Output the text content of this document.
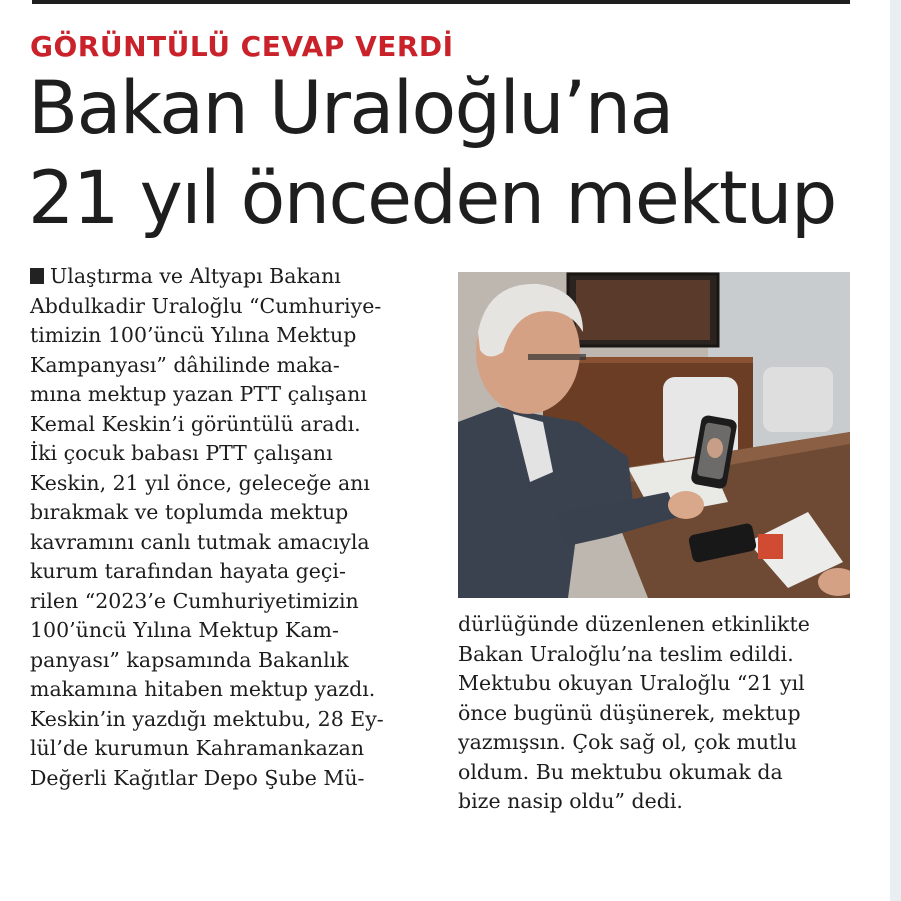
GÖRÜNTÜLÜ CEVAP VERDİ
Bakan Uraloğlu’na
21 yıl önceden mektup
Ulaştırma ve Altyapı Bakanı
Abdulkadir Uraloğlu “Cumhuriye-
timizin 100’üncü Yılına Mektup
Kampanyası” dâhilinde maka-
mına mektup yazan PTT çalışanı
Kemal Keskin’i görüntülü aradı.
İki çocuk babası PTT çalışanı
Keskin, 21 yıl önce, geleceğe anı
bırakmak ve toplumda mektup
kavramını canlı tutmak amacıyla
kurum tarafından hayata geçi-
rilen “2023’e Cumhuriyetimizin
100’üncü Yılına Mektup Kam-
panyası” kapsamında Bakanlık
makamına hitaben mektup yazdı.
Keskin’in yazdığı mektubu, 28 Ey-
lül’de kurumun Kahramankazan
Değerli Kağıtlar Depo Şube Mü-
dürlüğünde düzenlenen etkinlikte
Bakan Uraloğlu’na teslim edildi.
Mektubu okuyan Uraloğlu “21 yıl
önce bugünü düşünerek, mektup
yazmışsın. Çok sağ ol, çok mutlu
oldum. Bu mektubu okumak da
bize nasip oldu” dedi.
